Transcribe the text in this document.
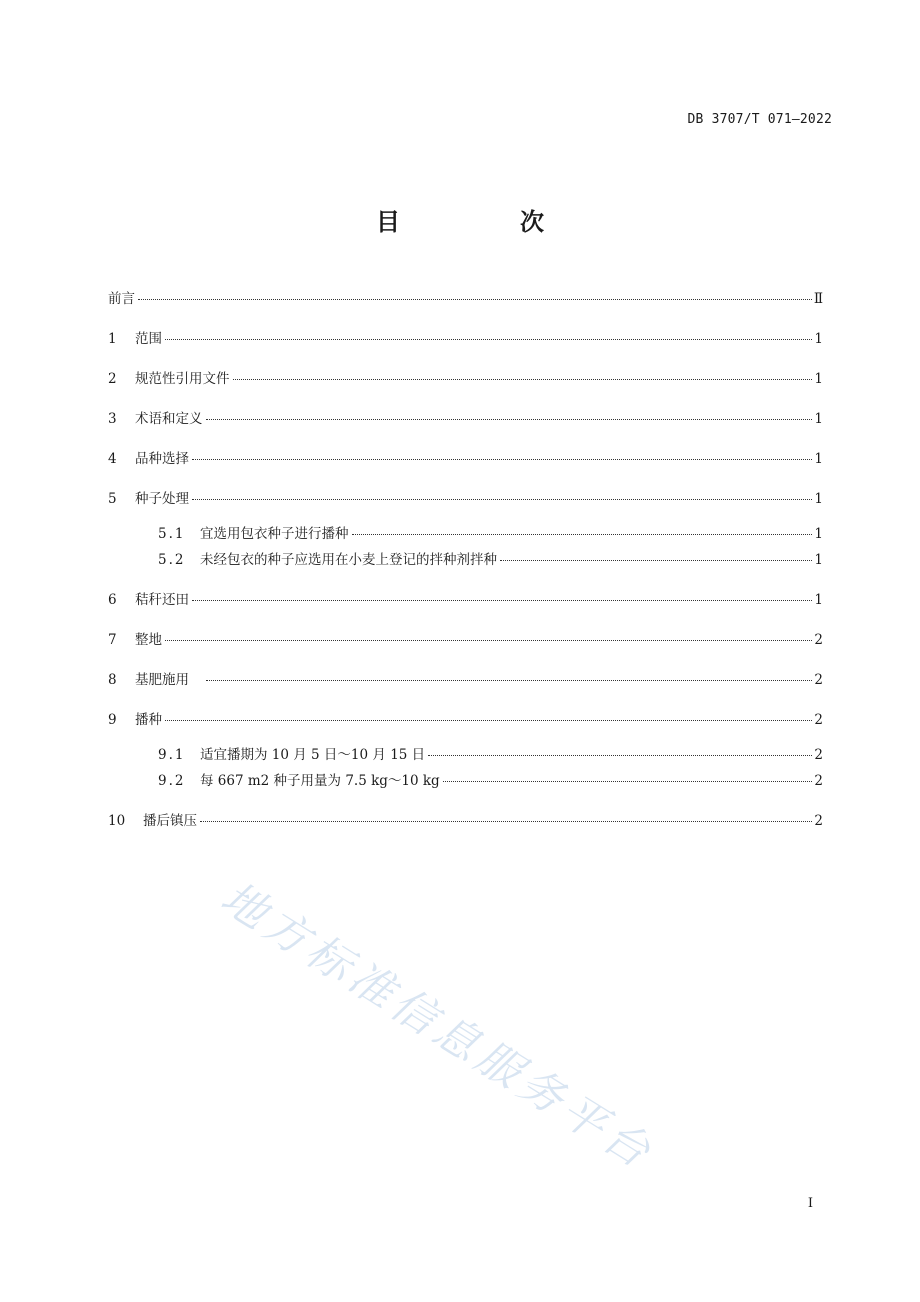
DB 3707/T 071—2022
目　次
前言	Ⅱ
1 范围	1
2 规范性引用文件	1
3 术语和定义	1
4 品种选择	1
5 种子处理	1
5.1 宜选用包衣种子进行播种	1
5.2 未经包衣的种子应选用在小麦上登记的拌种剂拌种	1
6 秸秆还田	1
7 整地	2
8 基肥施用　	2
9 播种	2
9.1 适宜播期为 10 月 5 日～10 月 15 日	2
9.2 每 667 m2 种子用量为 7.5 kg～10 kg	2
10 播后镇压	2
地方标准信息服务平台
I
